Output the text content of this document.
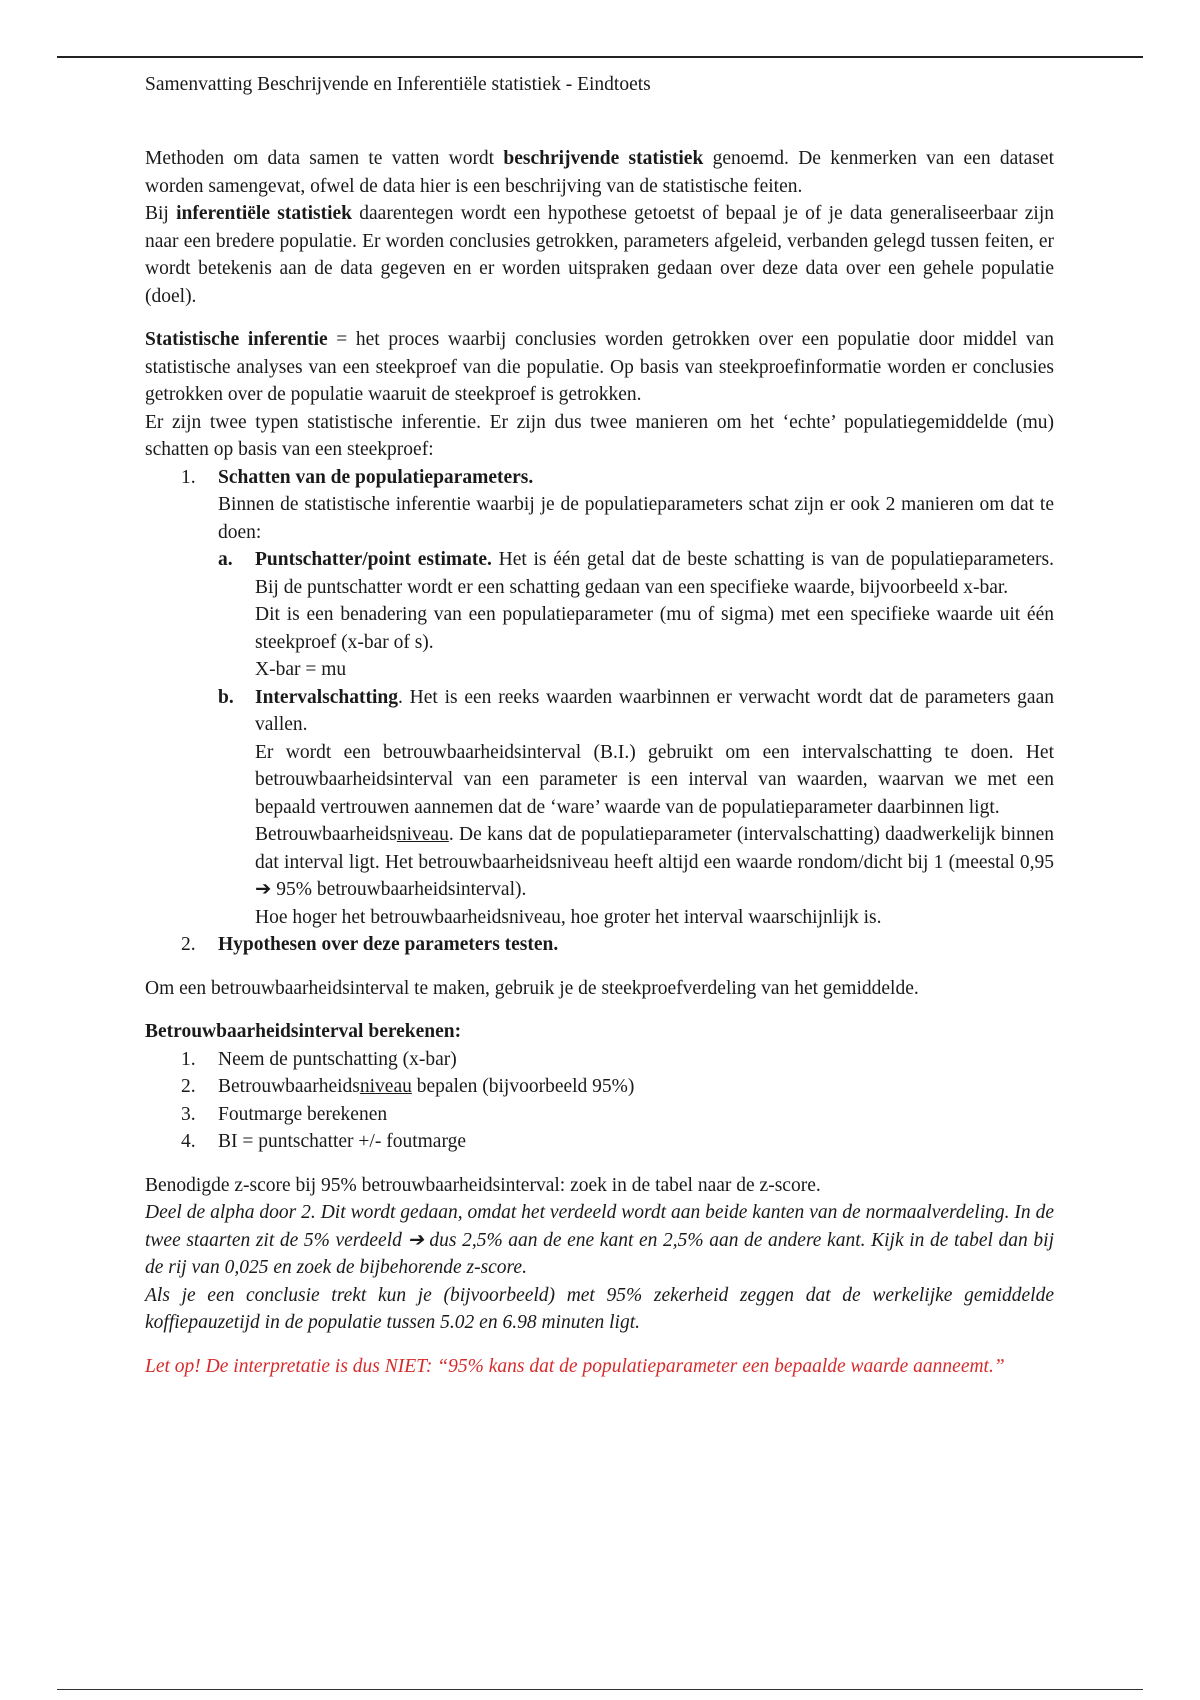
Samenvatting Beschrijvende en Inferentiële statistiek - Eindtoets

Methoden om data samen te vatten wordt beschrijvende statistiek genoemd. De kenmerken van een dataset worden samengevat, ofwel de data hier is een beschrijving van de statistische feiten.

Bij inferentiële statistiek daarentegen wordt een hypothese getoetst of bepaal je of je data generaliseerbaar zijn naar een bredere populatie. Er worden conclusies getrokken, parameters afgeleid, verbanden gelegd tussen feiten, er wordt betekenis aan de data gegeven en er worden uitspraken gedaan over deze data over een gehele populatie (doel).

Statistische inferentie = het proces waarbij conclusies worden getrokken over een populatie door middel van statistische analyses van een steekproef van die populatie. Op basis van steekproefinformatie worden er conclusies getrokken over de populatie waaruit de steekproef is getrokken.

Er zijn twee typen statistische inferentie. Er zijn dus twee manieren om het ‘echte’ populatiegemiddelde (mu) schatten op basis van een steekproef:

1. Schatten van de populatieparameters.
Binnen de statistische inferentie waarbij je de populatieparameters schat zijn er ook 2 manieren om dat te doen:
a. Puntschatter/point estimate. Het is één getal dat de beste schatting is van de populatieparameters. Bij de puntschatter wordt er een schatting gedaan van een specifieke waarde, bijvoorbeeld x-bar.

Dit is een benadering van een populatieparameter (mu of sigma) met een specifieke waarde uit één steekproef (x-bar of s).
X-bar = mu
b. Intervalschatting. Het is een reeks waarden waarbinnen er verwacht wordt dat de parameters gaan vallen.

Er wordt een betrouwbaarheidsinterval (B.I.) gebruikt om een intervalschatting te doen. Het betrouwbaarheidsinterval van een parameter is een interval van waarden, waarvan we met een bepaald vertrouwen aannemen dat de ‘ware’ waarde van de populatieparameter daarbinnen ligt.
Betrouwbaarheidsniveau. De kans dat de populatieparameter (intervalschatting) daadwerkelijk binnen dat interval ligt. Het betrouwbaarheidsniveau heeft altijd een waarde rondom/dicht bij 1 (meestal 0,95 ➔ 95% betrouwbaarheidsinterval).
Hoe hoger het betrouwbaarheidsniveau, hoe groter het interval waarschijnlijk is.
2. Hypothesen over deze parameters testen.

Om een betrouwbaarheidsinterval te maken, gebruik je de steekproefverdeling van het gemiddelde.

Betrouwbaarheidsinterval berekenen:

1. Neem de puntschatting (x-bar)
2. Betrouwbaarheidsniveau bepalen (bijvoorbeeld 95%)
3. Foutmarge berekenen
4. BI = puntschatter +/- foutmarge

Benodigde z-score bij 95% betrouwbaarheidsinterval: zoek in de tabel naar de z-score.

Deel de alpha door 2. Dit wordt gedaan, omdat het verdeeld wordt aan beide kanten van de normaalverdeling. In de twee staarten zit de 5% verdeeld ➔ dus 2,5% aan de ene kant en 2,5% aan de andere kant. Kijk in de tabel dan bij de rij van 0,025 en zoek de bijbehorende z-score.

Als je een conclusie trekt kun je (bijvoorbeeld) met 95% zekerheid zeggen dat de werkelijke gemiddelde koffiepauzetijd in de populatie tussen 5.02 en 6.98 minuten ligt.

Let op! De interpretatie is dus NIET: “95% kans dat de populatieparameter een bepaalde waarde aanneemt.”
